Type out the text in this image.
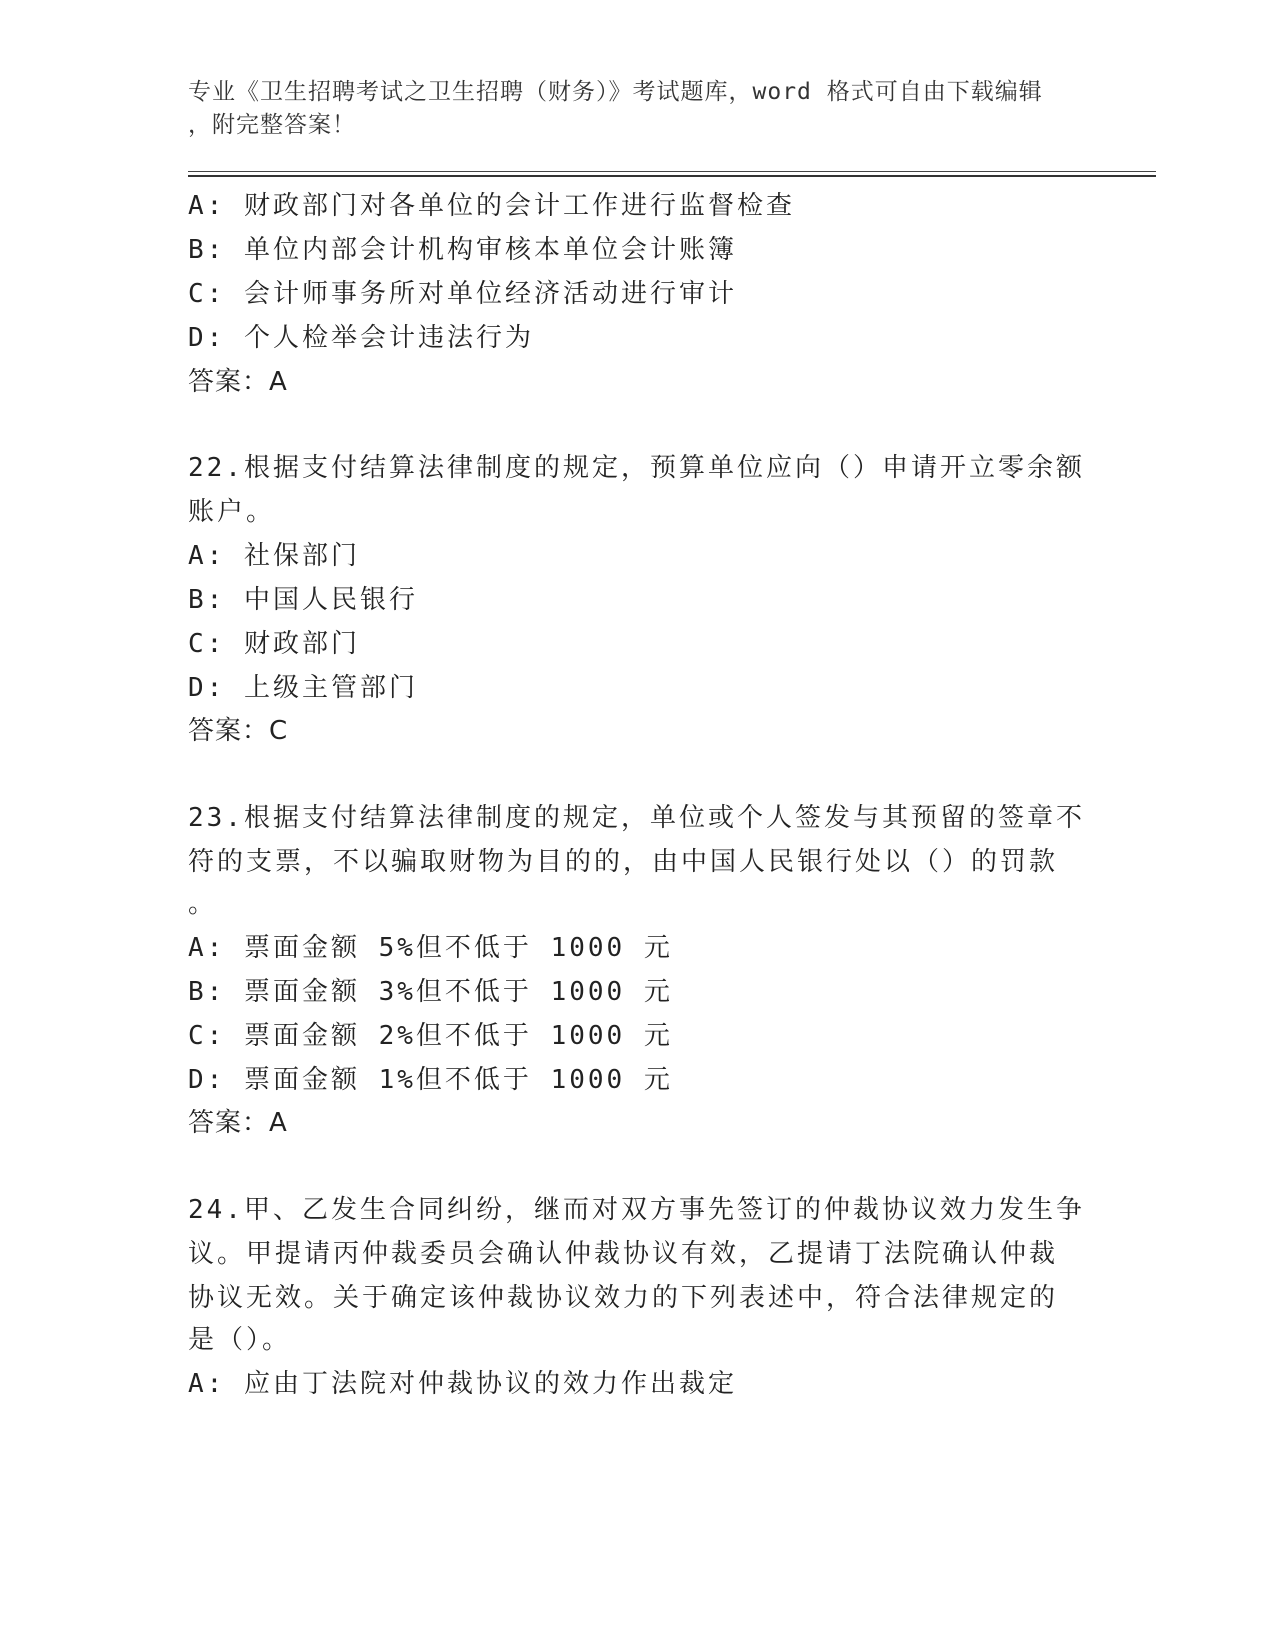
专业《卫生招聘考试之卫生招聘（财务）》考试题库，word 格式可自由下载编辑
，附完整答案！
A: 财政部门对各单位的会计工作进行监督检查
B: 单位内部会计机构审核本单位会计账簿
C: 会计师事务所对单位经济活动进行审计
D: 个人检举会计违法行为
答案：A
22.根据支付结算法律制度的规定，预算单位应向（）申请开立零余额
账户。
A: 社保部门
B: 中国人民银行
C: 财政部门
D: 上级主管部门
答案：C
23.根据支付结算法律制度的规定，单位或个人签发与其预留的签章不
符的支票，不以骗取财物为目的的，由中国人民银行处以（）的罚款
。
A: 票面金额 5%但不低于 1000 元
B: 票面金额 3%但不低于 1000 元
C: 票面金额 2%但不低于 1000 元
D: 票面金额 1%但不低于 1000 元
答案：A
24.甲、乙发生合同纠纷，继而对双方事先签订的仲裁协议效力发生争
议。甲提请丙仲裁委员会确认仲裁协议有效，乙提请丁法院确认仲裁
协议无效。关于确定该仲裁协议效力的下列表述中，符合法律规定的
是（）。
A: 应由丁法院对仲裁协议的效力作出裁定
